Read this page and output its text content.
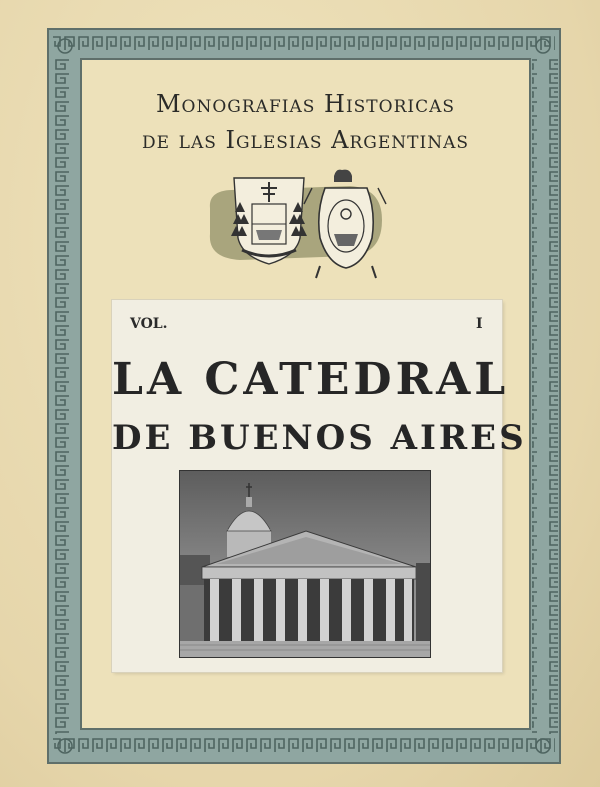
Monografias Historicas
de las Iglesias Argentinas
VOL.	I
LA CATEDRAL
DE BUENOS AIRES
